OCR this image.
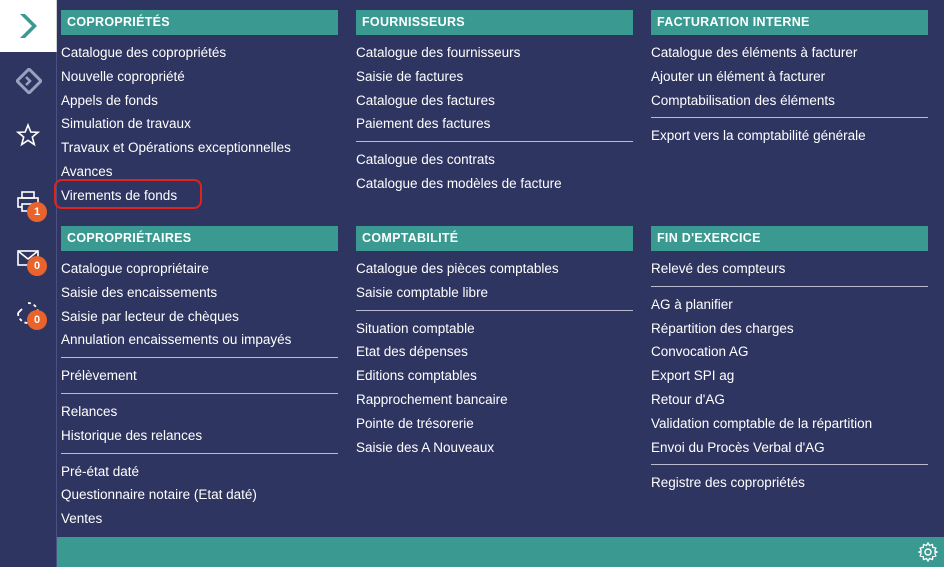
1
0
0
COPROPRIÉTÉS
Catalogue des copropriétés
Nouvelle copropriété
Appels de fonds
Simulation de travaux
Travaux et Opérations exceptionnelles
Avances
Virements de fonds
COPROPRIÉTAIRES
Catalogue copropriétaire
Saisie des encaissements
Saisie par lecteur de chèques
Annulation encaissements ou impayés
Prélèvement
Relances
Historique des relances
Pré-état daté
Questionnaire notaire (Etat daté)
Ventes
FOURNISSEURS
Catalogue des fournisseurs
Saisie de factures
Catalogue des factures
Paiement des factures
Catalogue des contrats
Catalogue des modèles de facture
COMPTABILITÉ
Catalogue des pièces comptables
Saisie comptable libre
Situation comptable
Etat des dépenses
Editions comptables
Rapprochement bancaire
Pointe de trésorerie
Saisie des A Nouveaux
FACTURATION INTERNE
Catalogue des éléments à facturer
Ajouter un élément à facturer
Comptabilisation des éléments
Export vers la comptabilité générale
FIN D'EXERCICE
Relevé des compteurs
AG à planifier
Répartition des charges
Convocation AG
Export SPI ag
Retour d'AG
Validation comptable de la répartition
Envoi du Procès Verbal d'AG
Registre des copropriétés
